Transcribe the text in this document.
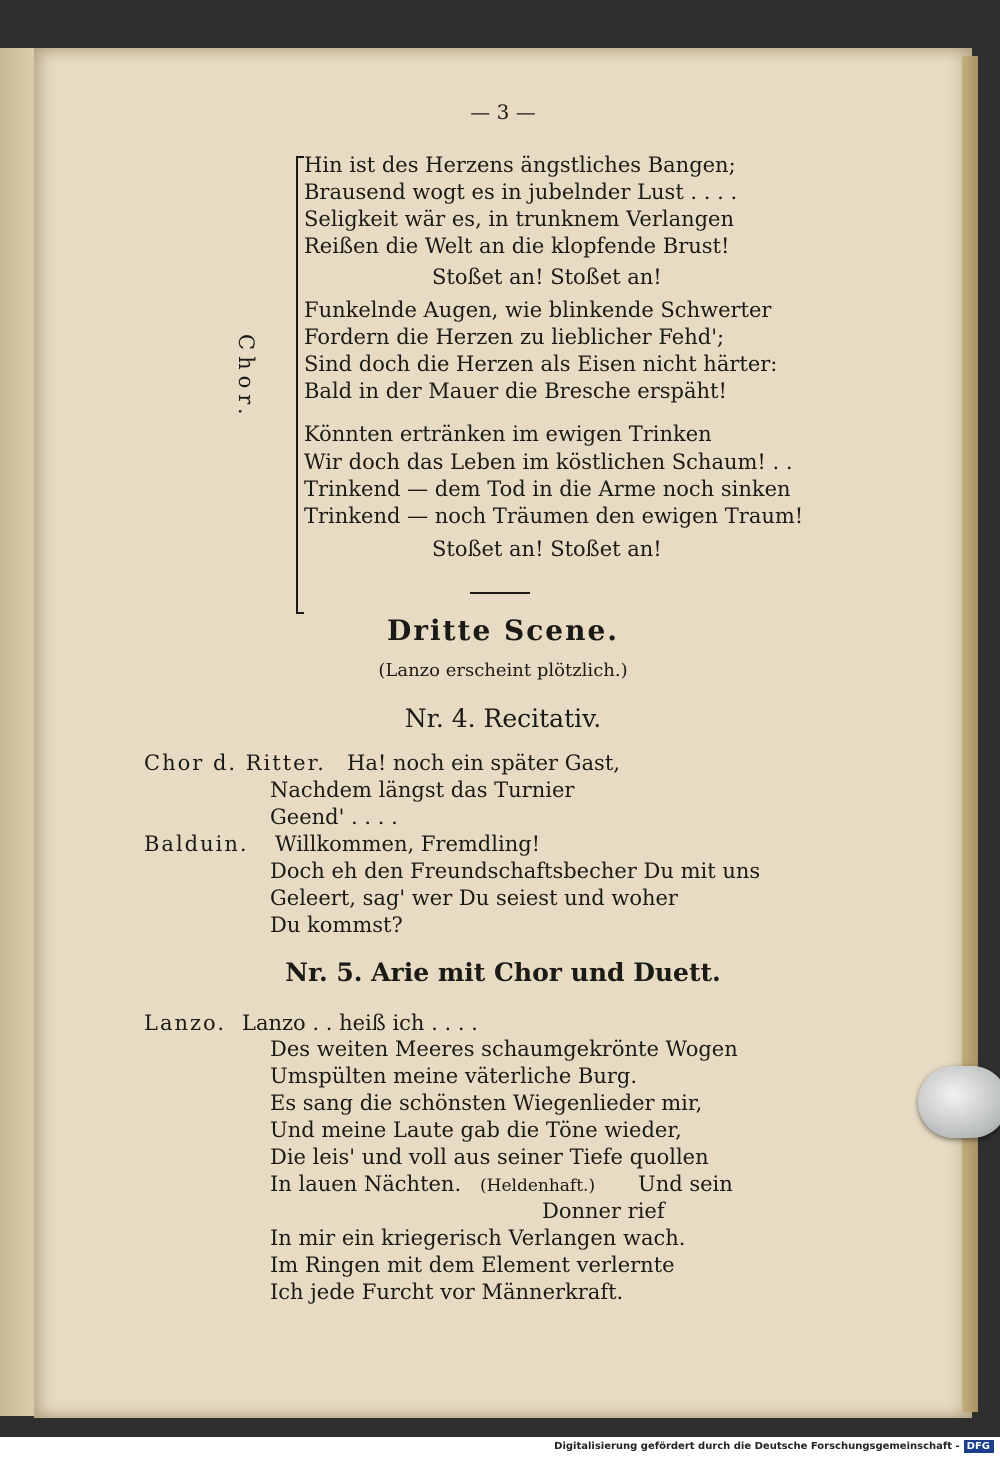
— 3 —
Chor.
Hin ist des Herzens ängstliches Bangen;
Brausend wogt es in jubelnder Lust . . . .
Seligkeit wär es, in trunknem Verlangen
Reißen die Welt an die klopfende Brust!
Stoßet an! Stoßet an!
Funkelnde Augen, wie blinkende Schwerter
Fordern die Herzen zu lieblicher Fehd';
Sind doch die Herzen als Eisen nicht härter:
Bald in der Mauer die Bresche erspäht!
Könnten ertränken im ewigen Trinken
Wir doch das Leben im köstlichen Schaum! . .
Trinkend — dem Tod in die Arme noch sinken
Trinkend — noch Träumen den ewigen Traum!
Stoßet an! Stoßet an!
Dritte Scene.
(Lanzo erscheint plötzlich.)
Nr. 4. Recitativ.
Chor d. Ritter. Ha! noch ein später Gast,
Nachdem längst das Turnier
Geend' . . . .
Balduin. Willkommen, Fremdling!
Doch eh den Freundschaftsbecher Du mit uns
Geleert, sag' wer Du seiest und woher
Du kommst?
Nr. 5. Arie mit Chor und Duett.
Lanzo. Lanzo . . heiß ich . . . .
Des weiten Meeres schaumgekrönte Wogen
Umspülten meine väterliche Burg.
Es sang die schönsten Wiegenlieder mir,
Und meine Laute gab die Töne wieder,
Die leis' und voll aus seiner Tiefe quollen
In lauen Nächten. (Heldenhaft.) Und sein
Donner rief
In mir ein kriegerisch Verlangen wach.
Im Ringen mit dem Element verlernte
Ich jede Furcht vor Männerkraft.
Digitalisierung gefördert durch die Deutsche Forschungsgemeinschaft - DFG
